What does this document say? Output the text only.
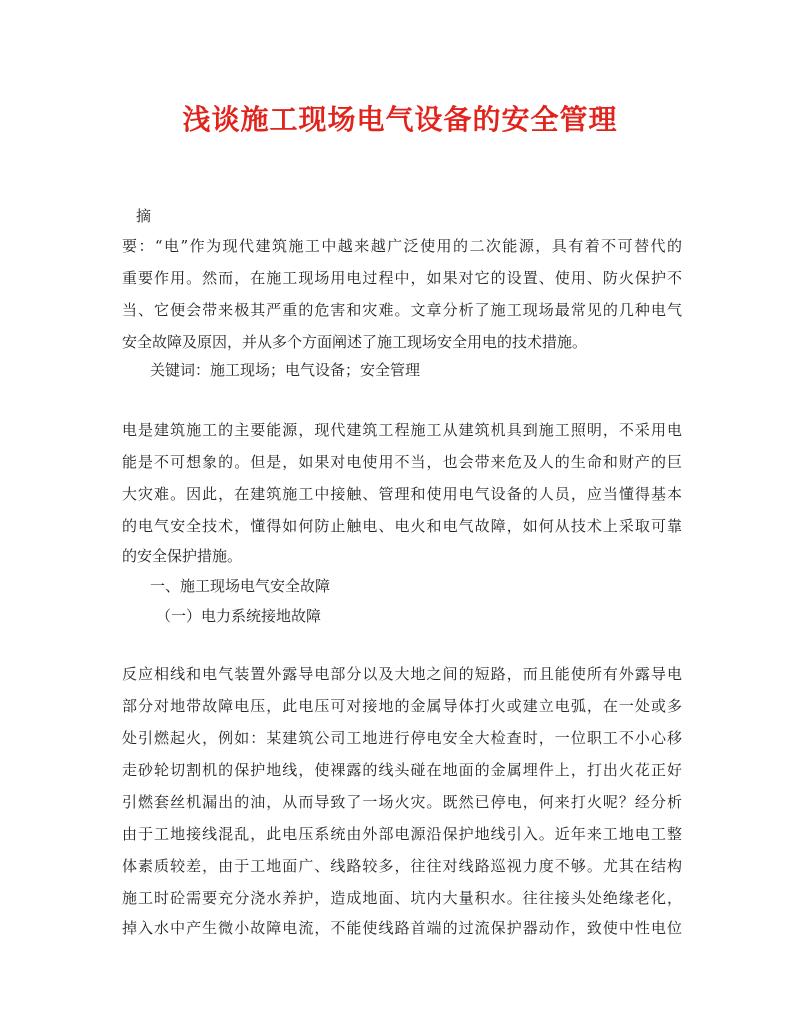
浅谈施工现场电气设备的安全管理
摘
要：“电”作为现代建筑施工中越来越广泛使用的二次能源，具有着不可替代的
重要作用。然而，在施工现场用电过程中，如果对它的设置、使用、防火保护不
当、它便会带来极其严重的危害和灾难。文章分析了施工现场最常见的几种电气
安全故障及原因，并从多个方面阐述了施工现场安全用电的技术措施。
关键词：施工现场；电气设备；安全管理
电是建筑施工的主要能源，现代建筑工程施工从建筑机具到施工照明，不采用电
能是不可想象的。但是，如果对电使用不当，也会带来危及人的生命和财产的巨
大灾难。因此，在建筑施工中接触、管理和使用电气设备的人员，应当懂得基本
的电气安全技术，懂得如何防止触电、电火和电气故障，如何从技术上采取可靠
的安全保护措施。
一、施工现场电气安全故障
（一）电力系统接地故障
反应相线和电气装置外露导电部分以及大地之间的短路，而且能使所有外露导电
部分对地带故障电压，此电压可对接地的金属导体打火或建立电弧，在一处或多
处引燃起火，例如：某建筑公司工地进行停电安全大检查时，一位职工不小心移
走砂轮切割机的保护地线，使裸露的线头碰在地面的金属埋件上，打出火花正好
引燃套丝机漏出的油，从而导致了一场火灾。既然已停电，何来打火呢？经分析
由于工地接线混乱，此电压系统由外部电源沿保护地线引入。近年来工地电工整
体素质较差，由于工地面广、线路较多，往往对线路巡视力度不够。尤其在结构
施工时砼需要充分浇水养护，造成地面、坑内大量积水。往往接头处绝缘老化，
掉入水中产生微小故障电流，不能使线路首端的过流保护器动作，致使中性电位
